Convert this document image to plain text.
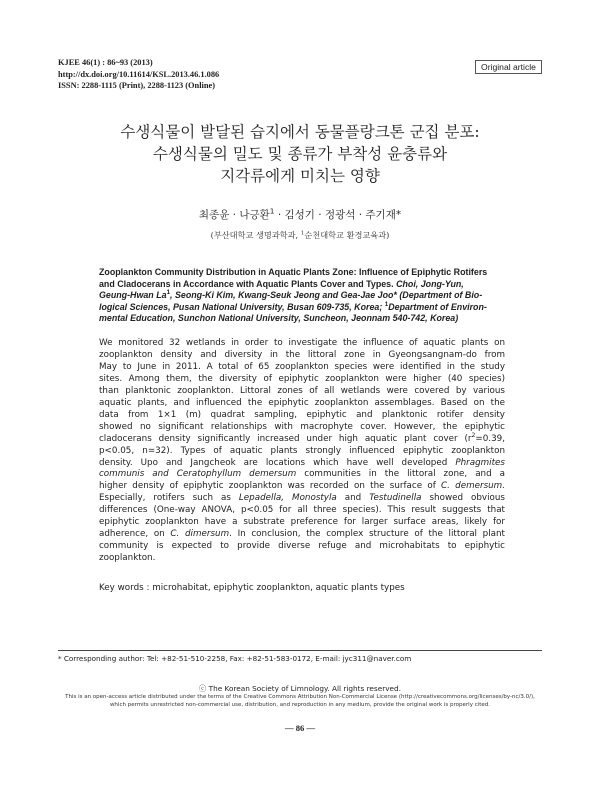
KJEE 46(1) : 86~93 (2013)
http://dx.doi.org/10.11614/KSL.2013.46.1.086
ISSN: 2288-1115 (Print), 2288-1123 (Online)
Original article
수생식물이 발달된 습지에서 동물플랑크톤 군집 분포:
수생식물의 밀도 및 종류가 부착성 윤충류와
지각류에게 미치는 영향
최종윤 · 나긍환$^1$ · 김성기 · 정광석 · 주기재*
(부산대학교 생명과학과, $^1$순천대학교 환경교육과)
Zooplankton Community Distribution in Aquatic Plants Zone: Influence of Epiphytic Rotifers
and Cladocerans in Accordance with Aquatic Plants Cover and Types. Choi, Jong-Yun,
Geung-Hwan La$^1$, Seong-Ki Kim, Kwang-Seuk Jeong and Gea-Jae Joo* (Department of Bio-
logical Sciences, Pusan National University, Busan 609-735, Korea; $^1$Department of Environ-
mental Education, Sunchon National University, Suncheon, Jeonnam 540-742, Korea)
We monitored 32 wetlands in order to investigate the influence of aquatic plants on
zooplankton density and diversity in the littoral zone in Gyeongsangnam-do from
May to June in 2011. A total of 65 zooplankton species were identified in the study
sites. Among them, the diversity of epiphytic zooplankton were higher (40 species)
than planktonic zooplankton. Littoral zones of all wetlands were covered by various
aquatic plants, and influenced the epiphytic zooplankton assemblages. Based on the
data from 1×1 (m) quadrat sampling, epiphytic and planktonic rotifer density
showed no significant relationships with macrophyte cover. However, the epiphytic
cladocerans density significantly increased under high aquatic plant cover ($r^2=0.39$,
p<0.05, n=32). Types of aquatic plants strongly influenced epiphytic zooplankton
density. Upo and Jangcheok are locations which have well developed Phragmites
communis and Ceratophyllum demersum communities in the littoral zone, and a
higher density of epiphytic zooplankton was recorded on the surface of C. demersum.
Especially, rotifers such as Lepadella, Monostyla and Testudinella showed obvious
differences (One-way ANOVA, p<0.05 for all three species). This result suggests that
epiphytic zooplankton have a substrate preference for larger surface areas, likely for
adherence, on C. dimersum. In conclusion, the complex structure of the littoral plant
community is expected to provide diverse refuge and microhabitats to epiphytic
zooplankton.
Key words : microhabitat, epiphytic zooplankton, aquatic plants types
* Corresponding author: Tel: +82-51-510-2258, Fax: +82-51-583-0172, E-mail: jyc311@naver.com
ⓒ The Korean Society of Limnology. All rights reserved.
This is an open-access article distributed under the terms of the Creative Commons Attribution Non-Commercial License (http://creativecommons.org/licenses/by-nc/3.0/),
which permits unrestricted non-commercial use, distribution, and reproduction in any medium, provide the original work is properly cited.
— 86 —
